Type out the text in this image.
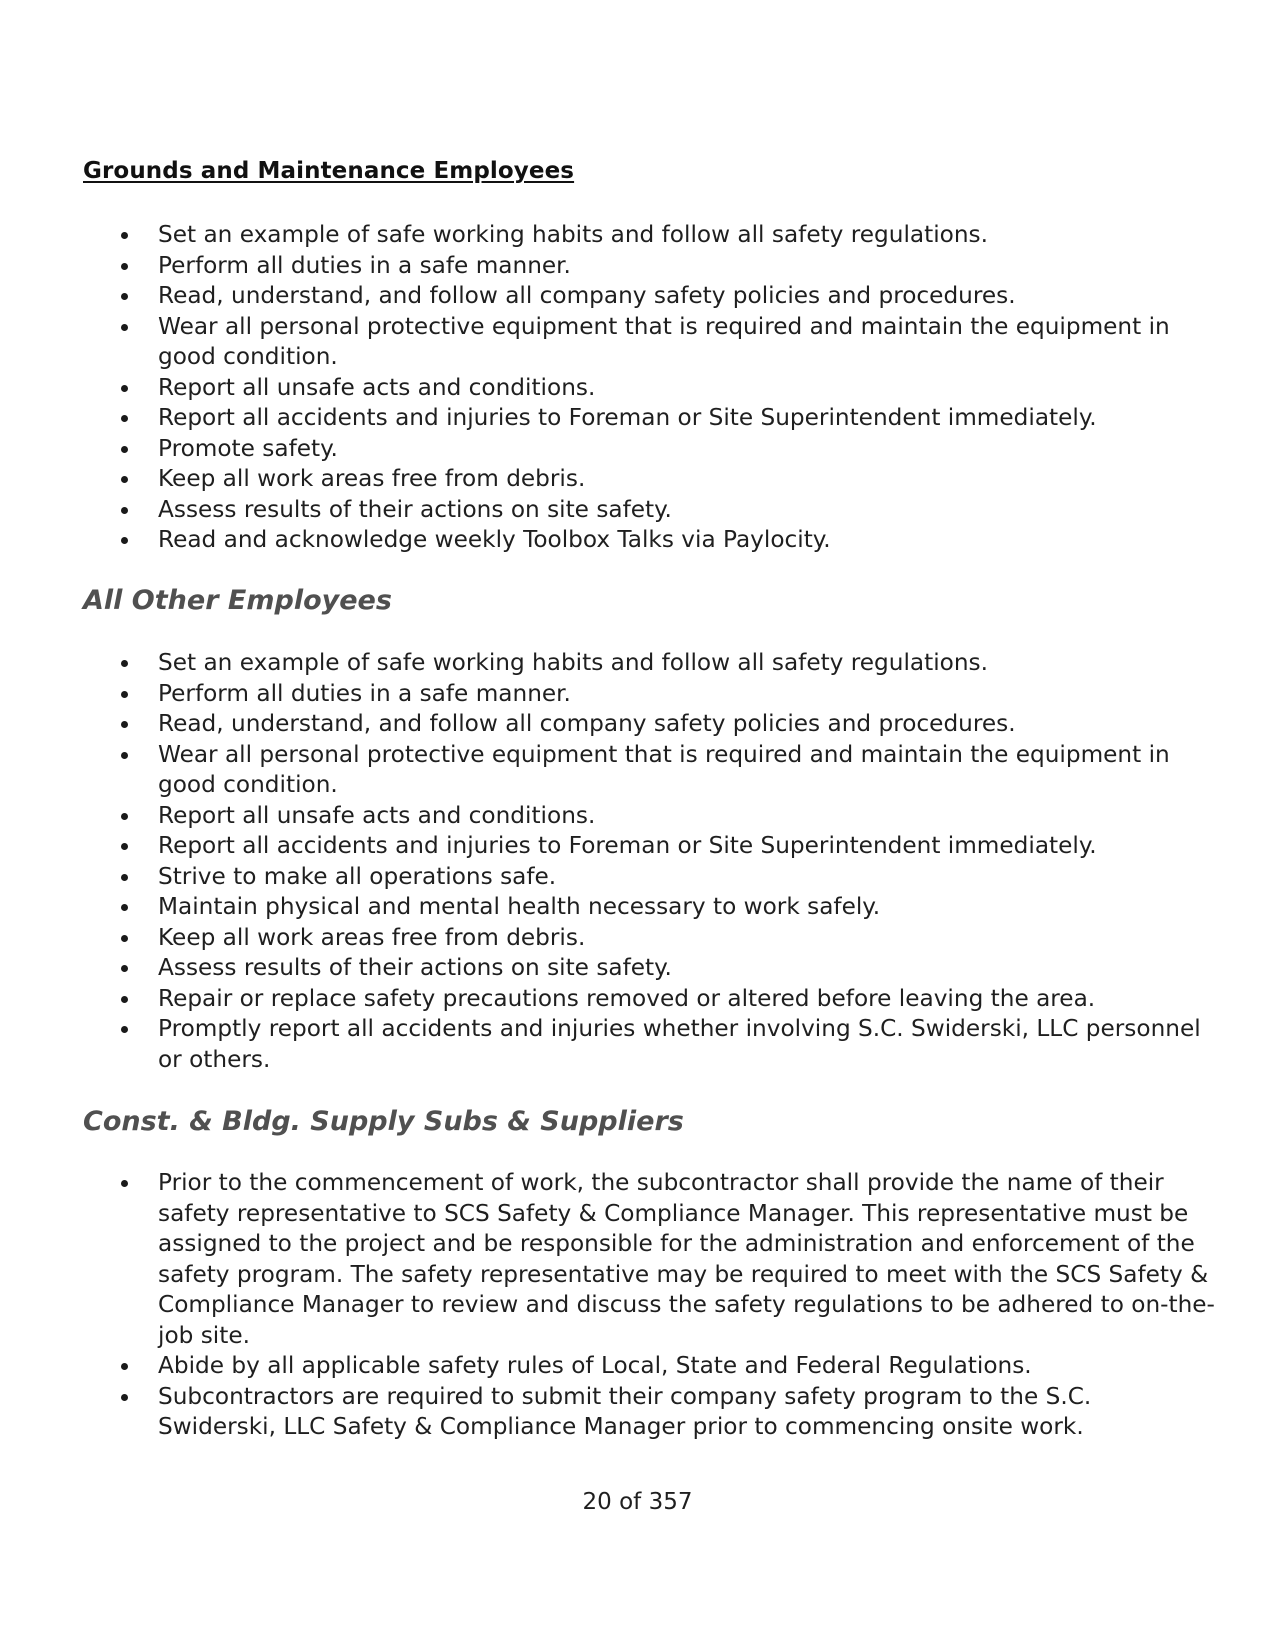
Grounds and Maintenance Employees
Set an example of safe working habits and follow all safety regulations.
Perform all duties in a safe manner.
Read, understand, and follow all company safety policies and procedures.
Wear all personal protective equipment that is required and maintain the equipment in good condition.
Report all unsafe acts and conditions.
Report all accidents and injuries to Foreman or Site Superintendent immediately.
Promote safety.
Keep all work areas free from debris.
Assess results of their actions on site safety.
Read and acknowledge weekly Toolbox Talks via Paylocity.
All Other Employees
Set an example of safe working habits and follow all safety regulations.
Perform all duties in a safe manner.
Read, understand, and follow all company safety policies and procedures.
Wear all personal protective equipment that is required and maintain the equipment in good condition.
Report all unsafe acts and conditions.
Report all accidents and injuries to Foreman or Site Superintendent immediately.
Strive to make all operations safe.
Maintain physical and mental health necessary to work safely.
Keep all work areas free from debris.
Assess results of their actions on site safety.
Repair or replace safety precautions removed or altered before leaving the area.
Promptly report all accidents and injuries whether involving S.C. Swiderski, LLC personnel or others.
Const. & Bldg. Supply Subs & Suppliers
Prior to the commencement of work, the subcontractor shall provide the name of their safety representative to SCS Safety & Compliance Manager. This representative must be assigned to the project and be responsible for the administration and enforcement of the safety program. The safety representative may be required to meet with the SCS Safety & Compliance Manager to review and discuss the safety regulations to be adhered to on-the-job site.
Abide by all applicable safety rules of Local, State and Federal Regulations.
Subcontractors are required to submit their company safety program to the S.C. Swiderski, LLC Safety & Compliance Manager prior to commencing onsite work.
20 of 357
